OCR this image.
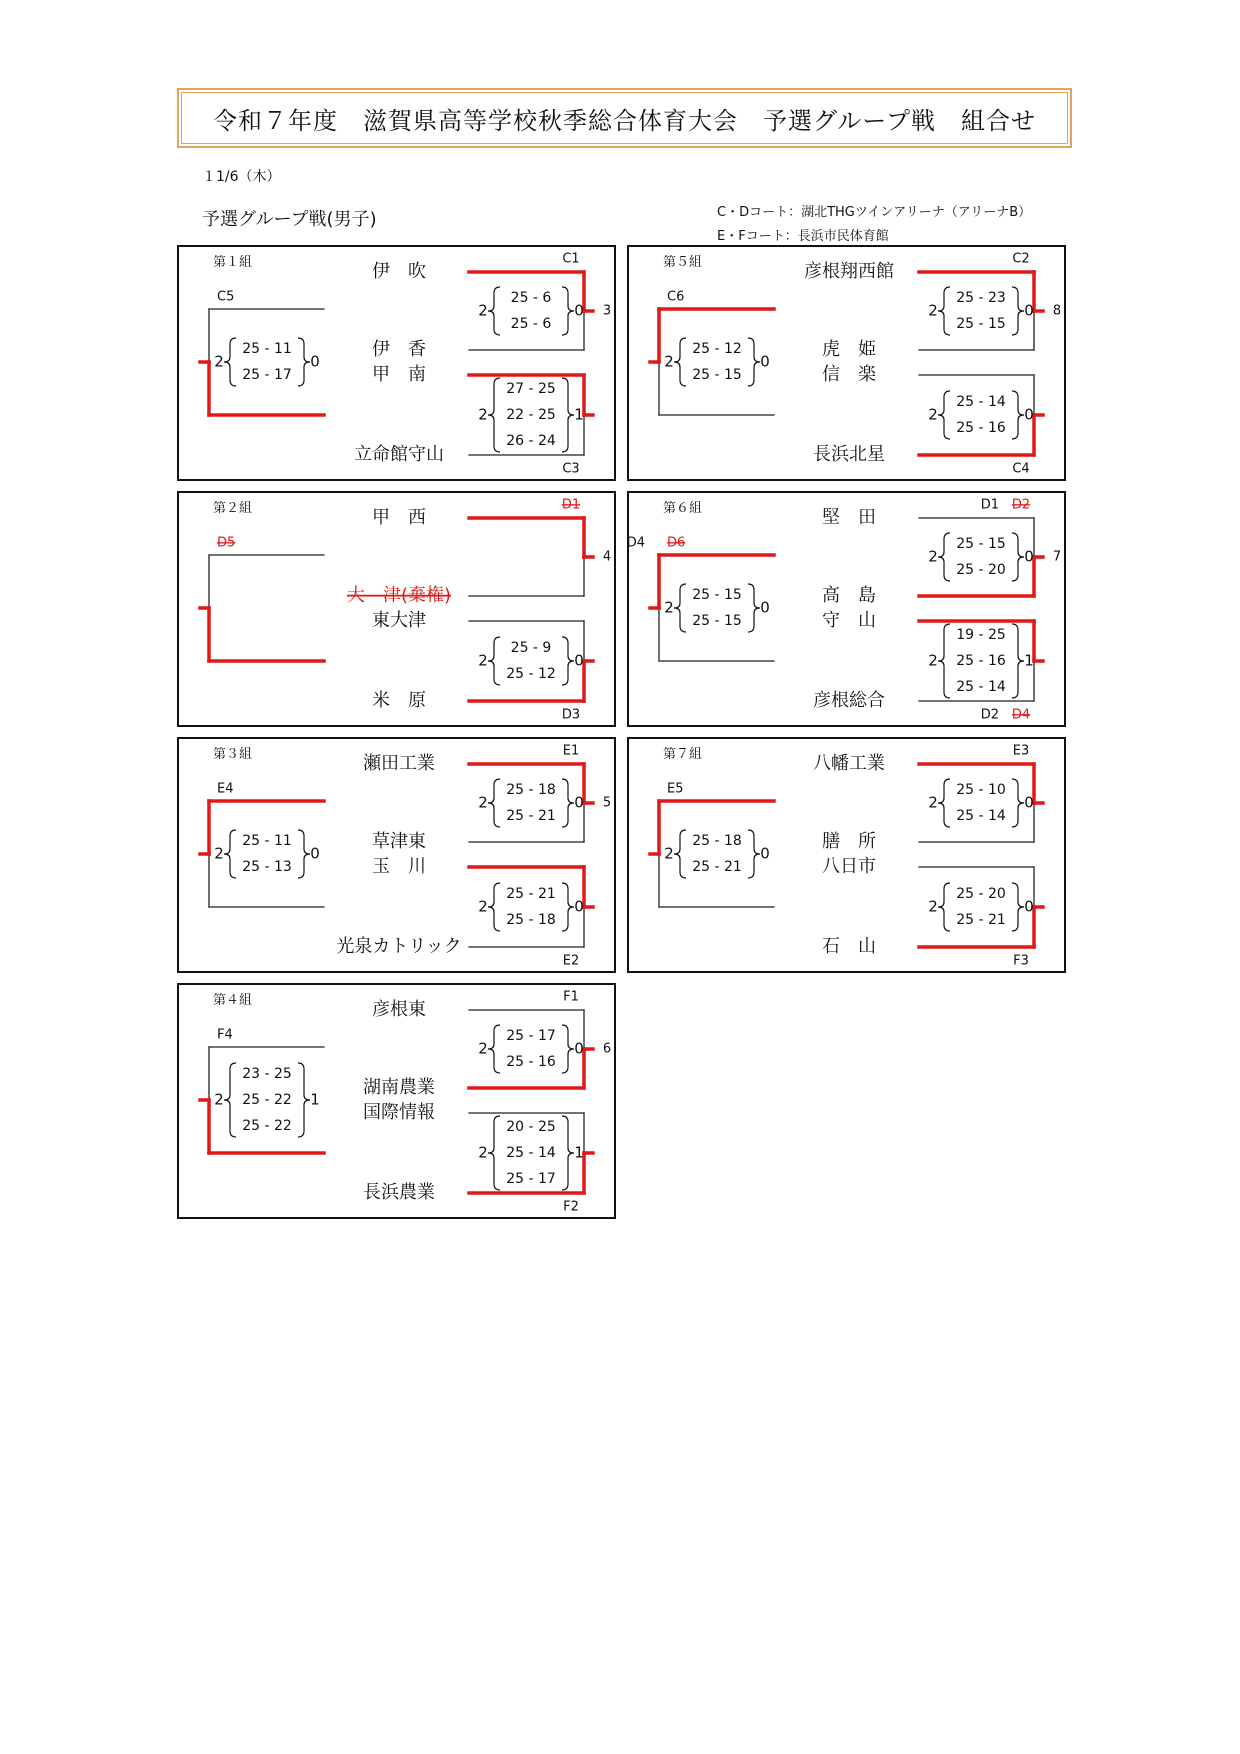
令和７年度　滋賀県高等学校秋季総合体育大会　予選グループ戦　組合せ
１1/6（木）
予選グループ戦(男子)	C・Dコート：湖北THGツインアリーナ（アリーナB）
E・Fコート：長浜市民体育館
第１組	伊　吹
伊　香
甲　南
立命館守山
C5
25 - 11
25 - 17
2	0
C1
25 - 6
25 - 6
2	0
C3
27 - 25
22 - 25
26 - 24
2	1
3
第５組	彦根翔西館
虎　姫
信　楽
長浜北星
C6
25 - 12
25 - 15
2	0
C2
25 - 23
25 - 15
2	0
C4
25 - 14
25 - 16
2	0
8
第２組	甲　西
大　津(棄権)
東大津
米　原
D5
D1
D3
25 - 9
25 - 12
2	0
4
第６組	堅　田
高　島
守　山
彦根総合
D4 D6
25 - 15
25 - 15
2	0
D1 D2
25 - 15
25 - 20
2	0
D2 D4
19 - 25
25 - 16
25 - 14
2	1
7
第３組	瀬田工業
草津東
玉　川
光泉カトリック
E4
25 - 11
25 - 13
2	0
E1
25 - 18
25 - 21
2	0
E2
25 - 21
25 - 18
2	0
5
第７組	八幡工業
膳　所
八日市
石　山
E5
25 - 18
25 - 21
2	0
E3
25 - 10
25 - 14
2	0
F3
25 - 20
25 - 21
2	0
第４組	彦根東
湖南農業
国際情報
長浜農業
F4
23 - 25
25 - 22
25 - 22
2	1
F1
25 - 17
25 - 16
2	0
F2
20 - 25
25 - 14
25 - 17
2	1
6
